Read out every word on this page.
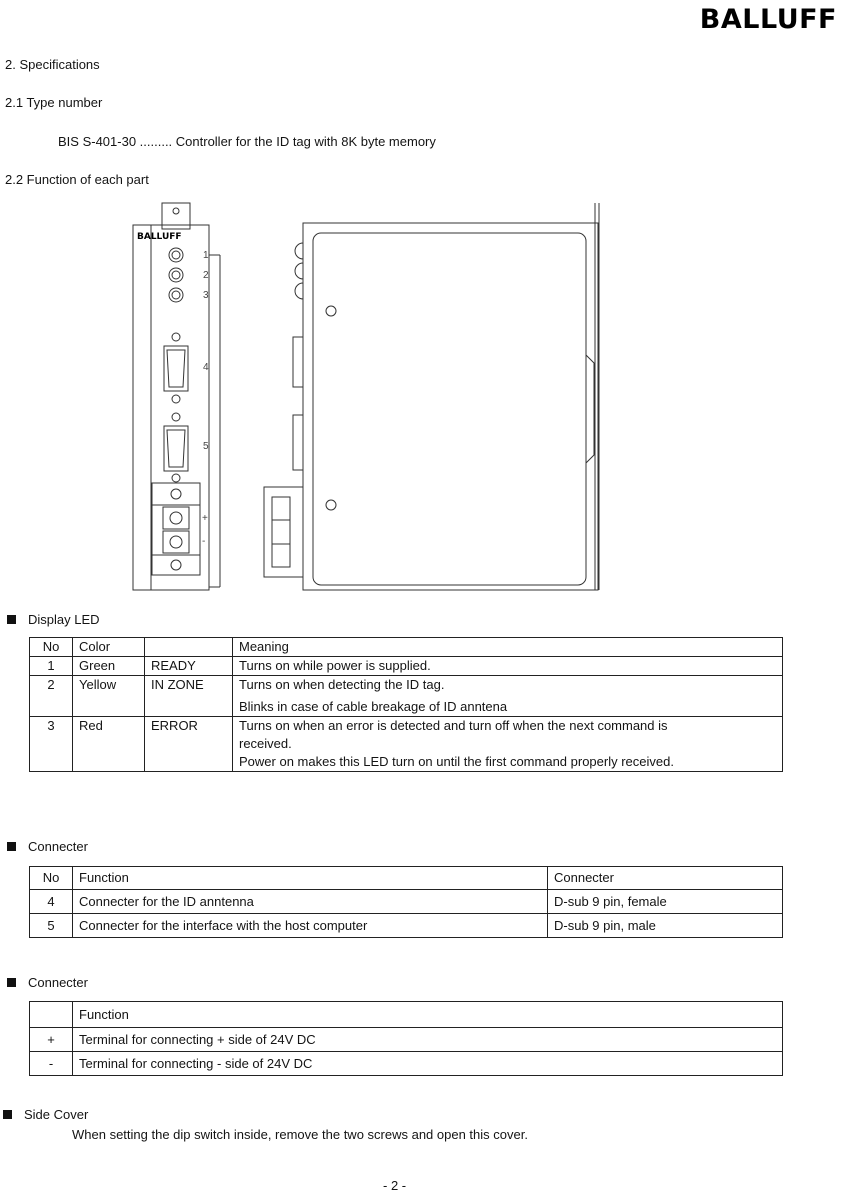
BALLUFF
2. Specifications
2.1 Type number
BIS S-401-30 ......... Controller for the ID tag with 8K byte memory
2.2 Function of each part
BALLUFF
1
2
3
4
5
+
-
Display LED
No	Color		Meaning
1	Green	READY	Turns on while power is supplied.
2	Yellow	IN ZONE	Turns on when detecting the ID tag.
Blinks in case of cable breakage of ID anntena

3	Red	ERROR	Turns on when an error is detected and turn off when the next command is received.
Power on makes this LED turn on until the first command properly received.
Connecter
No	Function	Connecter
4	Connecter for the ID anntenna	D-sub 9 pin, female
5	Connecter for the interface with the host computer	D-sub 9 pin, male
Connecter
	Function
+	Terminal for connecting + side of 24V DC
-	Terminal for connecting - side of 24V DC
Side Cover
When setting the dip switch inside, remove the two screws and open this cover.
- 2 -
